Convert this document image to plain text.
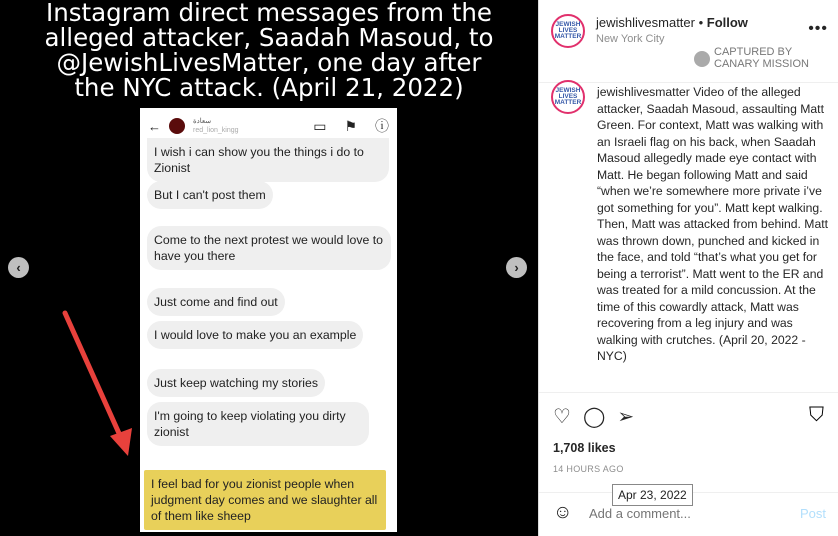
Instagram direct messages from the
alleged attacker, Saadah Masoud, to
@JewishLivesMatter, one day after
the NYC attack. (April 21, 2022)
←	سعادة
red_lion_kingg	▭ ⚑ ⓘ
I wish i can show you the things i do to Zionist
But I can't post them
Come to the next protest we would love to have you there
Just come and find out
I would love to make you an example
Just keep watching my stories
I'm going to keep violating you dirty zionist
I feel bad for you zionist people when judgment day comes and we slaughter all of them like sheep
‹	›
JEWISH LIVES MATTER
jewishlivesmatter • Follow
New York City
•••
CAPTURED BY CANARY MISSION
JEWISH LIVES MATTER
jewishlivesmatter Video of the alleged attacker, Saadah Masoud, assaulting Matt Green. For context, Matt was walking with an Israeli flag on his back, when Saadah Masoud allegedly made eye contact with Matt. He began following Matt and said “when we’re somewhere more private i’ve got something for you”. Matt kept walking. Then, Matt was attacked from behind. Matt was thrown down, punched and kicked in the face, and told “that’s what you get for being a terrorist”. Matt went to the ER and was treated for a mild concussion. At the time of this cowardly attack, Matt was recovering from a leg injury and was walking with crutches. (April 20, 2022 - NYC)
♡ ◯ ➢	⛉
1,708 likes
14 HOURS AGO
Apr 23, 2022
☺
Add a comment...	Post
